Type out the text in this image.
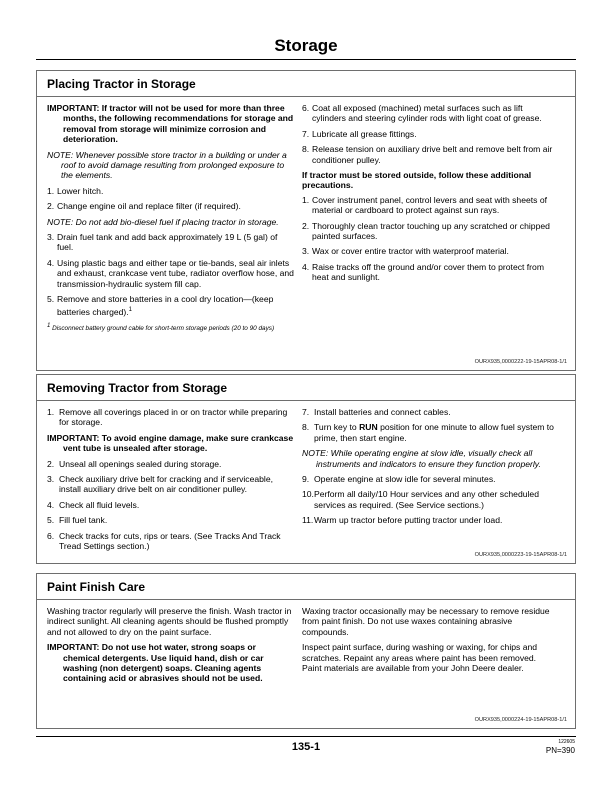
Storage
Placing Tractor in Storage
IMPORTANT: If tractor will not be used for more than three months, the following recommendations for storage and removal from storage will minimize corrosion and deterioration.
NOTE: Whenever possible store tractor in a building or under a roof to avoid damage resulting from prolonged exposure to the elements.
1. Lower hitch.
2. Change engine oil and replace filter (if required).
NOTE: Do not add bio-diesel fuel if placing tractor in storage.
3. Drain fuel tank and add back approximately 19 L (5 gal) of fuel.
4. Using plastic bags and either tape or tie-bands, seal air inlets and exhaust, crankcase vent tube, radiator overflow hose, and transmission-hydraulic system fill cap.
5. Remove and store batteries in a cool dry location—(keep batteries charged).$^1$
$^1$ Disconnect battery ground cable for short-term storage periods (20 to 90 days)
6. Coat all exposed (machined) metal surfaces such as lift cylinders and steering cylinder rods with light coat of grease.
7. Lubricate all grease fittings.
8. Release tension on auxiliary drive belt and remove belt from air conditioner pulley.
If tractor must be stored outside, follow these additional precautions.
1. Cover instrument panel, control levers and seat with sheets of material or cardboard to protect against sun rays.
2. Thoroughly clean tractor touching up any scratched or chipped painted surfaces.
3. Wax or cover entire tractor with waterproof material.
4. Raise tracks off the ground and/or cover them to protect from heat and sunlight.
OURX935,0000222-19-15APR08-1/1
Removing Tractor from Storage
1. Remove all coverings placed in or on tractor while preparing for storage.
IMPORTANT: To avoid engine damage, make sure crankcase vent tube is unsealed after storage.
2. Unseal all openings sealed during storage.
3. Check auxiliary drive belt for cracking and if serviceable, install auxiliary drive belt on air conditioner pulley.
4. Check all fluid levels.
5. Fill fuel tank.
6. Check tracks for cuts, rips or tears. (See Tracks And Track Tread Settings section.)
7. Install batteries and connect cables.
8. Turn key to RUN position for one minute to allow fuel system to prime, then start engine.
NOTE: While operating engine at slow idle, visually check all instruments and indicators to ensure they function properly.
9. Operate engine at slow idle for several minutes.
10. Perform all daily/10 Hour services and any other scheduled services as required. (See Service sections.)
11. Warm up tractor before putting tractor under load.
OURX935,0000223-19-15APR08-1/1
Paint Finish Care
Washing tractor regularly will preserve the finish. Wash tractor in indirect sunlight. All cleaning agents should be flushed promptly and not allowed to dry on the paint surface.
IMPORTANT: Do not use hot water, strong soaps or chemical detergents. Use liquid hand, dish or car washing (non detergent) soaps. Cleaning agents containing acid or abrasives should not be used.
Waxing tractor occasionally may be necessary to remove residue from paint finish. Do not use waxes containing abrasive compounds.
Inspect paint surface, during washing or waxing, for chips and scratches. Repaint any areas where paint has been removed. Paint materials are available from your John Deere dealer.
OURX935,0000224-19-15APR08-1/1
135-1	122605
PN=390
